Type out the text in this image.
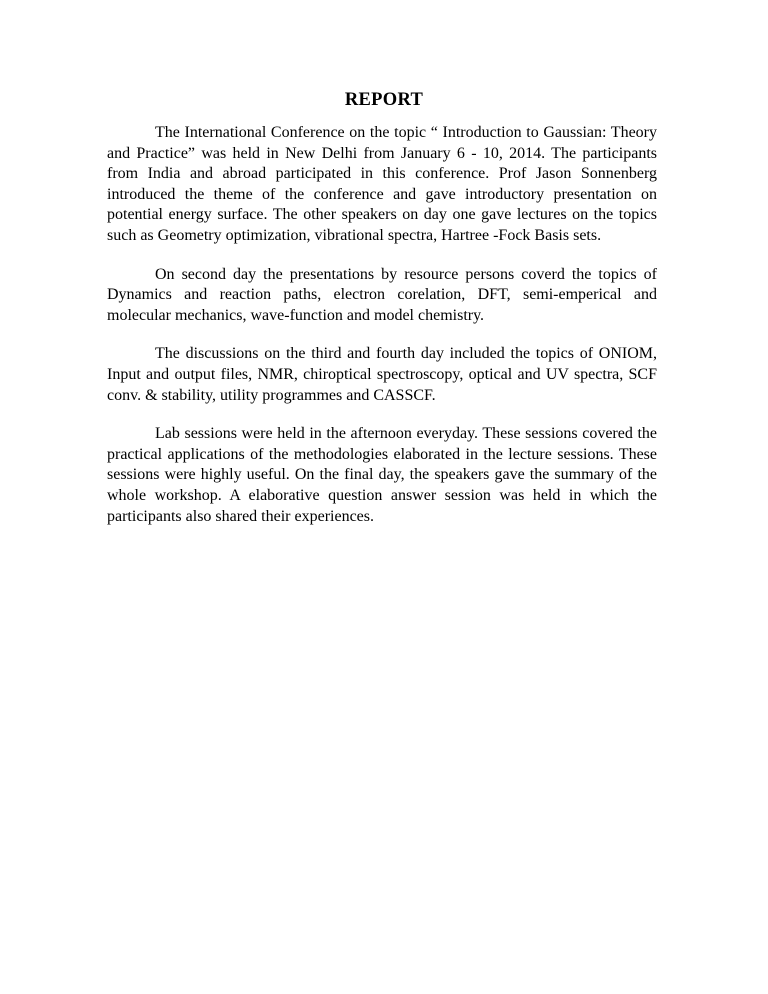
REPORT

The International Conference on the topic “ Introduction to Gaussian: Theory and Practice” was held in New Delhi from January 6 - 10, 2014. The participants from India and abroad participated in this conference. Prof Jason Sonnenberg introduced the theme of the conference and gave introductory presentation on potential energy surface. The other speakers on day one gave lectures on the topics such as Geometry optimization, vibrational spectra, Hartree -Fock Basis sets.

On second day the presentations by resource persons coverd the topics of Dynamics and reaction paths, electron corelation, DFT, semi-emperical and molecular mechanics, wave-function and model chemistry.

The discussions on the third and fourth day included the topics of ONIOM, Input and output files, NMR, chiroptical spectroscopy, optical and UV spectra, SCF conv. & stability, utility programmes and CASSCF.

Lab sessions were held in the afternoon everyday. These sessions covered the practical applications of the methodologies elaborated in the lecture sessions. These sessions were highly useful. On the final day, the speakers gave the summary of the whole workshop. A elaborative question answer session was held in which the participants also shared their experiences.
